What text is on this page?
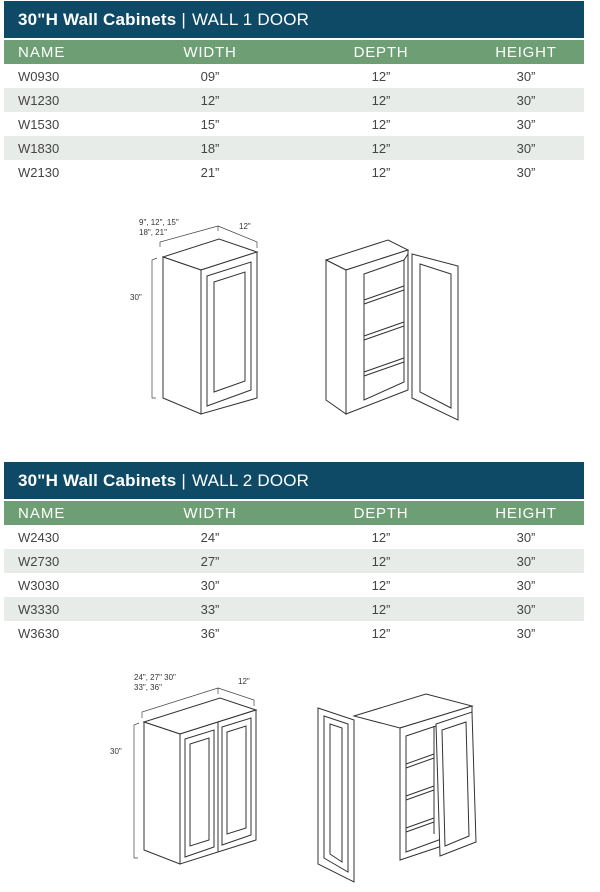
30"H Wall Cabinets | WALL 1 DOOR
NAME	WIDTH	DEPTH	HEIGHT
W0930	09”	12”	30”
W1230	12”	12”	30”
W1530	15”	12”	30”
W1830	18”	12”	30”
W2130	21”	12”	30”
9", 12", 15"
18", 21"
12"
30"
30"H Wall Cabinets | WALL 2 DOOR
NAME	WIDTH	DEPTH	HEIGHT
W2430	24”	12”	30”
W2730	27”	12”	30”
W3030	30”	12”	30”
W3330	33”	12”	30”
W3630	36”	12”	30”
24", 27" 30"
33", 36"
12"
30"
